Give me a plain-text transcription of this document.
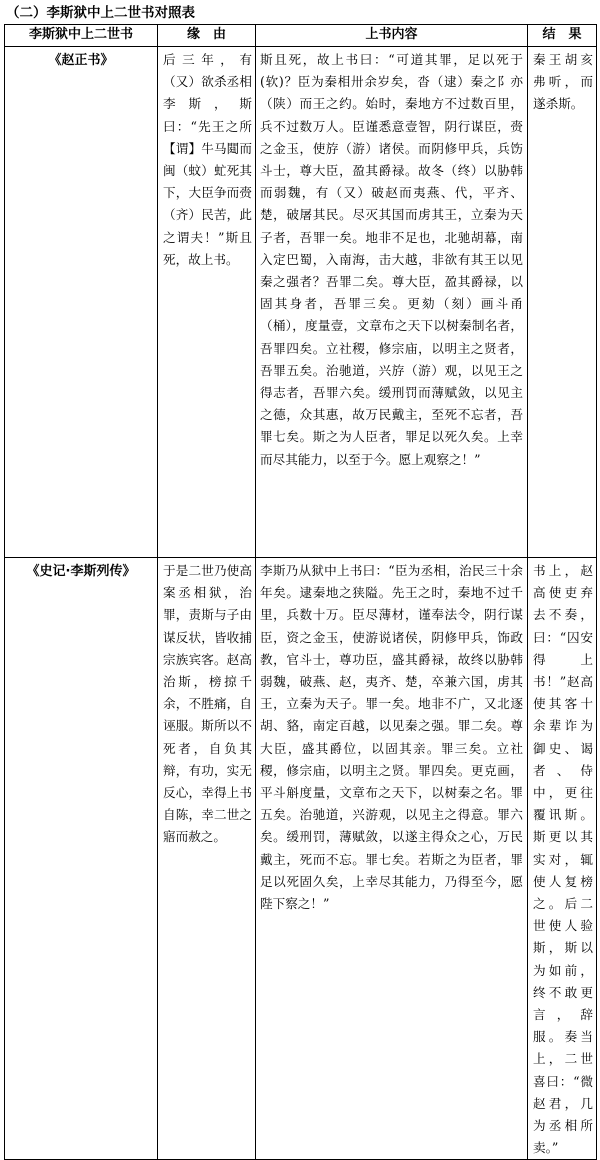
（二）李斯狱中上二世书对照表
李斯狱中上二世书	缘　由	上书内容	结　果
《赵正书》	后三年，有（又）欲杀丞相李斯，斯曰：“先王之所【谓】牛马閮而闽（蚊）虻死其下，大臣争而赍（齐）民苦，此之谓夫！”斯且死，故上书。	斯且死，故上书曰：“可道其罪，足以死于(软)？臣为秦相卅余岁矣，沓（逮）秦之阝亦（陕）而王之约。始时，秦地方不过数百里，兵不过数万人。臣谨悉意壹智，阴行谋臣，赍之金玉，使斿（游）诸侯。而阴修甲兵，兵饬斗士，尊大臣，盈其爵禄。故冬（终）以胁韩而弱魏，有（又）破赵而夷燕、代，平齐、楚，破屠其民。尽灭其国而虏其王，立秦为天子者，吾罪一矣。地非不足也，北驰胡幕，南入定巴蜀，入南海，击大越，非欲有其王以见秦之强者？吾罪二矣。尊大臣，盈其爵禄，以固其身者，吾罪三矣。更劾（刻）画斗甬（桶），度量壹，文章布之天下以树秦制名者，吾罪四矣。立社稷，修宗庙，以明主之贤者，吾罪五矣。治驰道，兴斿（游）观，以见王之得志者，吾罪六矣。缓刑罚而薄赋敛，以见主之德，众其惠，故万民戴主，至死不忘者，吾罪七矣。斯之为人臣者，罪足以死久矣。上幸而尽其能力，以至于今。愿上观察之！”	秦王胡亥弗听，而遂杀斯。
《史记·李斯列传》	于是二世乃使高案丞相狱，治罪，责斯与子由谋反状，皆收捕宗族宾客。赵高治斯，榜掠千余，不胜痛，自诬服。斯所以不死者，自负其辩，有功，实无反心，幸得上书自陈，幸二世之寤而赦之。	李斯乃从狱中上书曰：“臣为丞相，治民三十余年矣。逮秦地之狭隘。先王之时，秦地不过千里，兵数十万。臣尽薄材，谨奉法令，阴行谋臣，资之金玉，使游说诸侯，阴修甲兵，饰政教，官斗士，尊功臣，盛其爵禄，故终以胁韩弱魏，破燕、赵，夷齐、楚，卒兼六国，虏其王，立秦为天子。罪一矣。地非不广，又北逐胡、貉，南定百越，以见秦之强。罪二矣。尊大臣，盛其爵位，以固其亲。罪三矣。立社稷，修宗庙，以明主之贤。罪四矣。更克画，平斗斛度量，文章布之天下，以树秦之名。罪五矣。治驰道，兴游观，以见主之得意。罪六矣。缓刑罚，薄赋敛，以遂主得众之心，万民戴主，死而不忘。罪七矣。若斯之为臣者，罪足以死固久矣，上幸尽其能力，乃得至今，愿陛下察之！”	书上，赵高使吏弃去不奏，曰：“囚安得上书！”赵高使其客十余辈诈为御史、谒者、侍中，更往覆讯斯。斯更以其实对，辄使人复榜之。后二世使人验斯，斯以为如前，终不敢更言，辞服。奏当上，二世喜曰：“微赵君，几为丞相所卖。”
